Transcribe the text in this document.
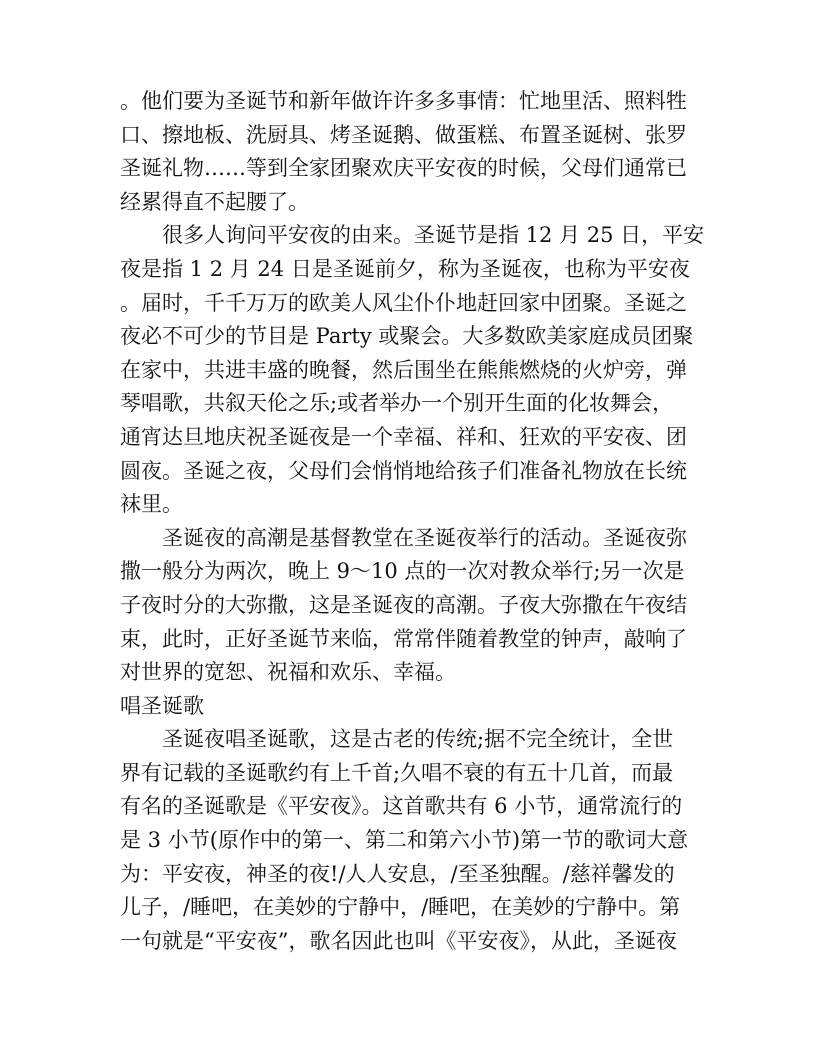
。他们要为圣诞节和新年做许许多多事情：忙地里活、照料牲
口、擦地板、洗厨具、烤圣诞鹅、做蛋糕、布置圣诞树、张罗
圣诞礼物……等到全家团聚欢庆平安夜的时候，父母们通常已
经累得直不起腰了。
很多人询问平安夜的由来。圣诞节是指 12 月 25 日，平安
夜是指 1 2 月 24 日是圣诞前夕，称为圣诞夜，也称为平安夜
。届时，千千万万的欧美人风尘仆仆地赶回家中团聚。圣诞之
夜必不可少的节目是 Party 或聚会。大多数欧美家庭成员团聚
在家中，共进丰盛的晚餐，然后围坐在熊熊燃烧的火炉旁，弹
琴唱歌，共叙天伦之乐;或者举办一个别开生面的化妆舞会，
通宵达旦地庆祝圣诞夜是一个幸福、祥和、狂欢的平安夜、团
圆夜。圣诞之夜，父母们会悄悄地给孩子们准备礼物放在长统
袜里。
圣诞夜的高潮是基督教堂在圣诞夜举行的活动。圣诞夜弥
撒一般分为两次，晚上 9～10 点的一次对教众举行;另一次是
子夜时分的大弥撒，这是圣诞夜的高潮。子夜大弥撒在午夜结
束，此时，正好圣诞节来临，常常伴随着教堂的钟声，敲响了
对世界的宽恕、祝福和欢乐、幸福。
唱圣诞歌
圣诞夜唱圣诞歌，这是古老的传统;据不完全统计，全世
界有记载的圣诞歌约有上千首;久唱不衰的有五十几首，而最
有名的圣诞歌是《平安夜》。这首歌共有 6 小节，通常流行的
是 3 小节(原作中的第一、第二和第六小节)第一节的歌词大意
为：平安夜，神圣的夜!/人人安息，/至圣独醒。/慈祥馨发的
儿子，/睡吧，在美妙的宁静中，/睡吧，在美妙的宁静中。第
一句就是“平安夜”，歌名因此也叫《平安夜》，从此，圣诞夜
